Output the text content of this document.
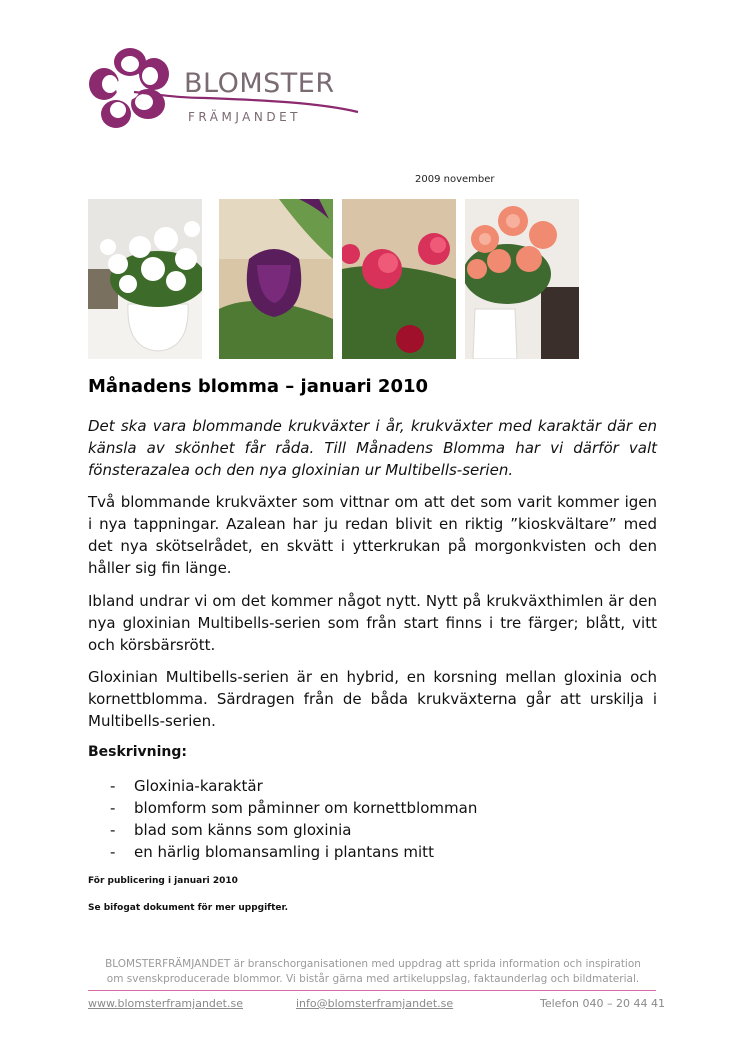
BLOMSTER
FRÄMJANDET
2009 november
Månadens blomma – januari 2010

Det ska vara blommande krukväxter i år, krukväxter med karaktär där en känsla av skönhet får råda. Till Månadens Blomma har vi därför valt fönsterazalea och den nya gloxinian ur Multibells-serien.

Två blommande krukväxter som vittnar om att det som varit kommer igen i nya tappningar. Azalean har ju redan blivit en riktig ”kioskvältare” med det nya skötselrådet, en skvätt i ytterkrukan på morgonkvisten och den håller sig fin länge.

Ibland undrar vi om det kommer något nytt. Nytt på krukväxthimlen är den nya gloxinian Multibells-serien som från start finns i tre färger; blått, vitt och körsbärsrött.

Gloxinian Multibells-serien är en hybrid, en korsning mellan gloxinia och kornettblomma. Särdragen från de båda krukväxterna går att urskilja i Multibells-serien.

Beskrivning:
- Gloxinia-karaktär
- blomform som påminner om kornettblomman
- blad som känns som gloxinia
- en härlig blomansamling i plantans mitt
För publicering i januari 2010
Se bifogat dokument för mer uppgifter.
BLOMSTERFRÄMJANDET är branschorganisationen med uppdrag att sprida information och inspiration
om svenskproducerade blommor. Vi bistår gärna med artikeluppslag, faktaunderlag och bildmaterial.
www.blomsterframjandet.se	info@blomsterframjandet.se	Telefon 040 – 20 44 41
